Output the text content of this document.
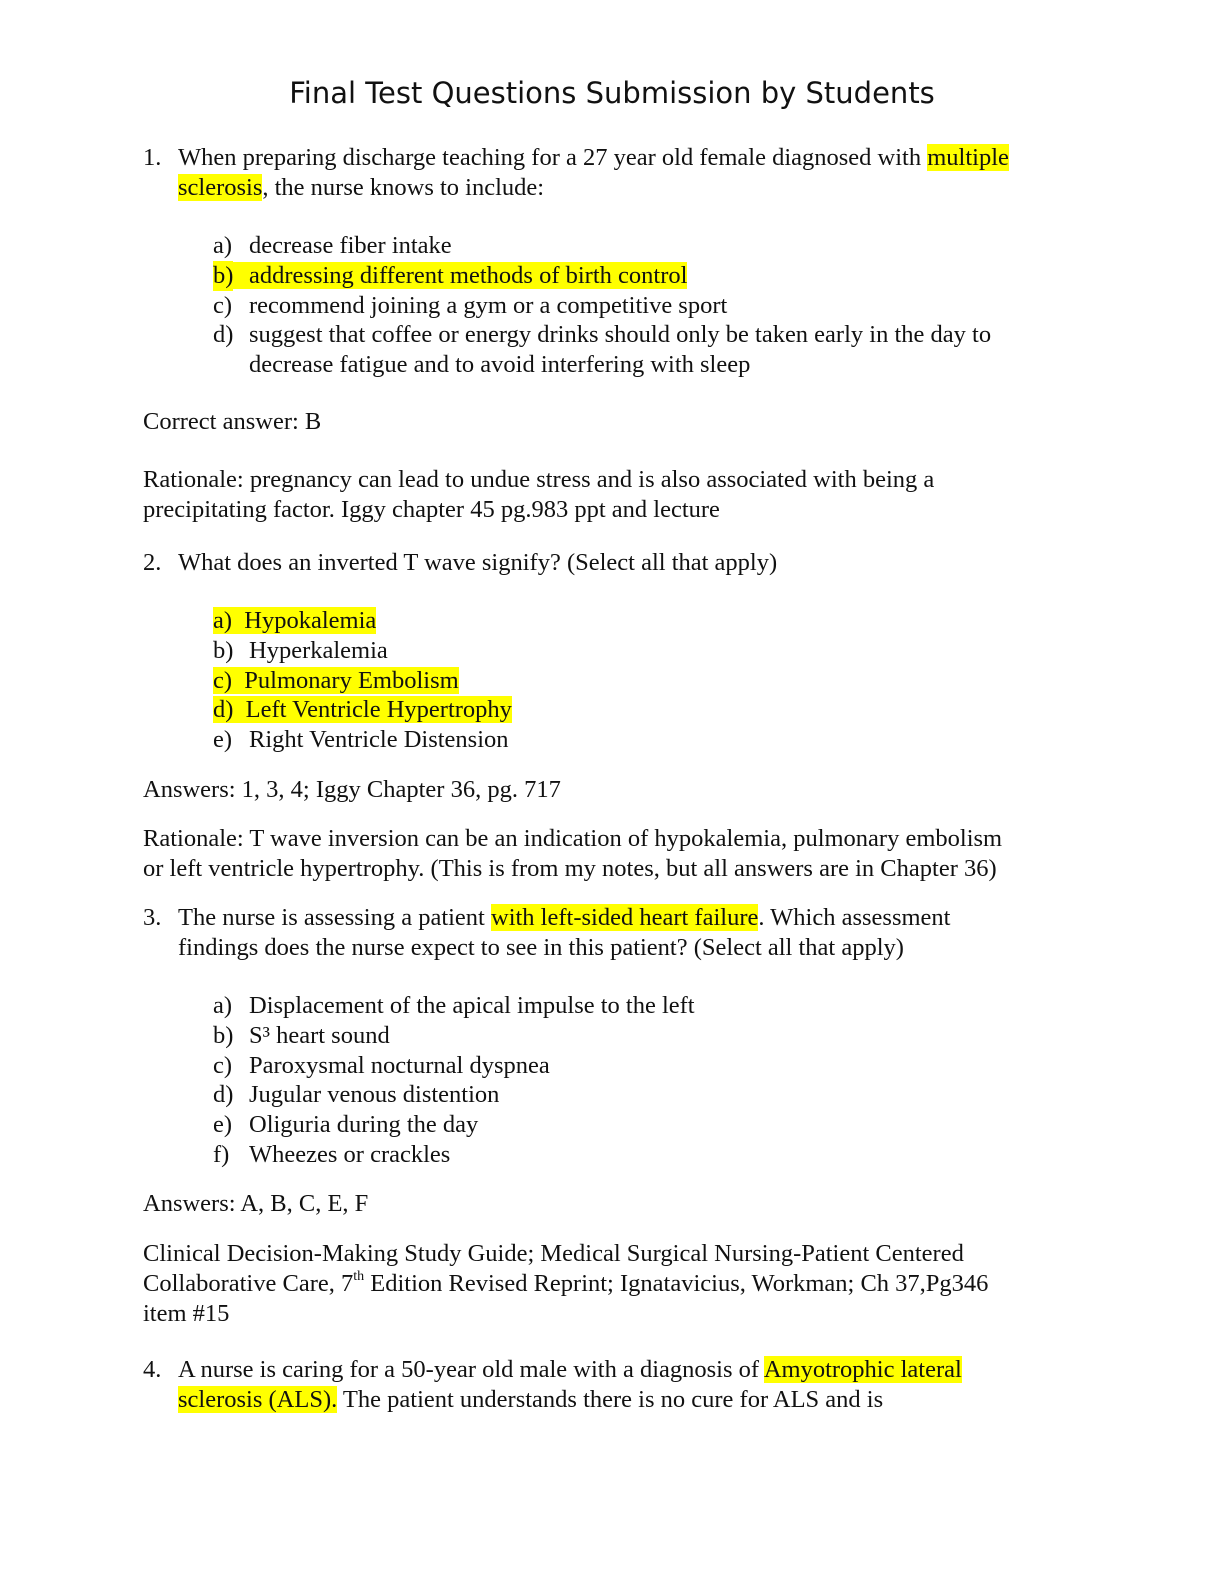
Final Test Questions Submission by Students
1. When preparing discharge teaching for a 27 year old female diagnosed with multiple
sclerosis, the nurse knows to include:
a) decrease fiber intake
b) addressing different methods of birth control
c) recommend joining a gym or a competitive sport
d) suggest that coffee or energy drinks should only be taken early in the day to
decrease fatigue and to avoid interfering with sleep
Correct answer: B
Rationale: pregnancy can lead to undue stress and is also associated with being a
precipitating factor. Iggy chapter 45 pg.983 ppt and lecture
2. What does an inverted T wave signify? (Select all that apply)
a) Hypokalemia
b) Hyperkalemia
c) Pulmonary Embolism
d) Left Ventricle Hypertrophy
e) Right Ventricle Distension
Answers: 1, 3, 4; Iggy Chapter 36, pg. 717
Rationale: T wave inversion can be an indication of hypokalemia, pulmonary embolism
or left ventricle hypertrophy. (This is from my notes, but all answers are in Chapter 36)
3. The nurse is assessing a patient with left-sided heart failure. Which assessment
findings does the nurse expect to see in this patient? (Select all that apply)
a) Displacement of the apical impulse to the left
b) S³ heart sound
c) Paroxysmal nocturnal dyspnea
d) Jugular venous distention
e) Oliguria during the day
f) Wheezes or crackles
Answers: A, B, C, E, F
Clinical Decision-Making Study Guide; Medical Surgical Nursing-Patient Centered
Collaborative Care, 7th Edition Revised Reprint; Ignatavicius, Workman; Ch 37,Pg346
item #15
4. A nurse is caring for a 50-year old male with a diagnosis of Amyotrophic lateral
sclerosis (ALS). The patient understands there is no cure for ALS and is
